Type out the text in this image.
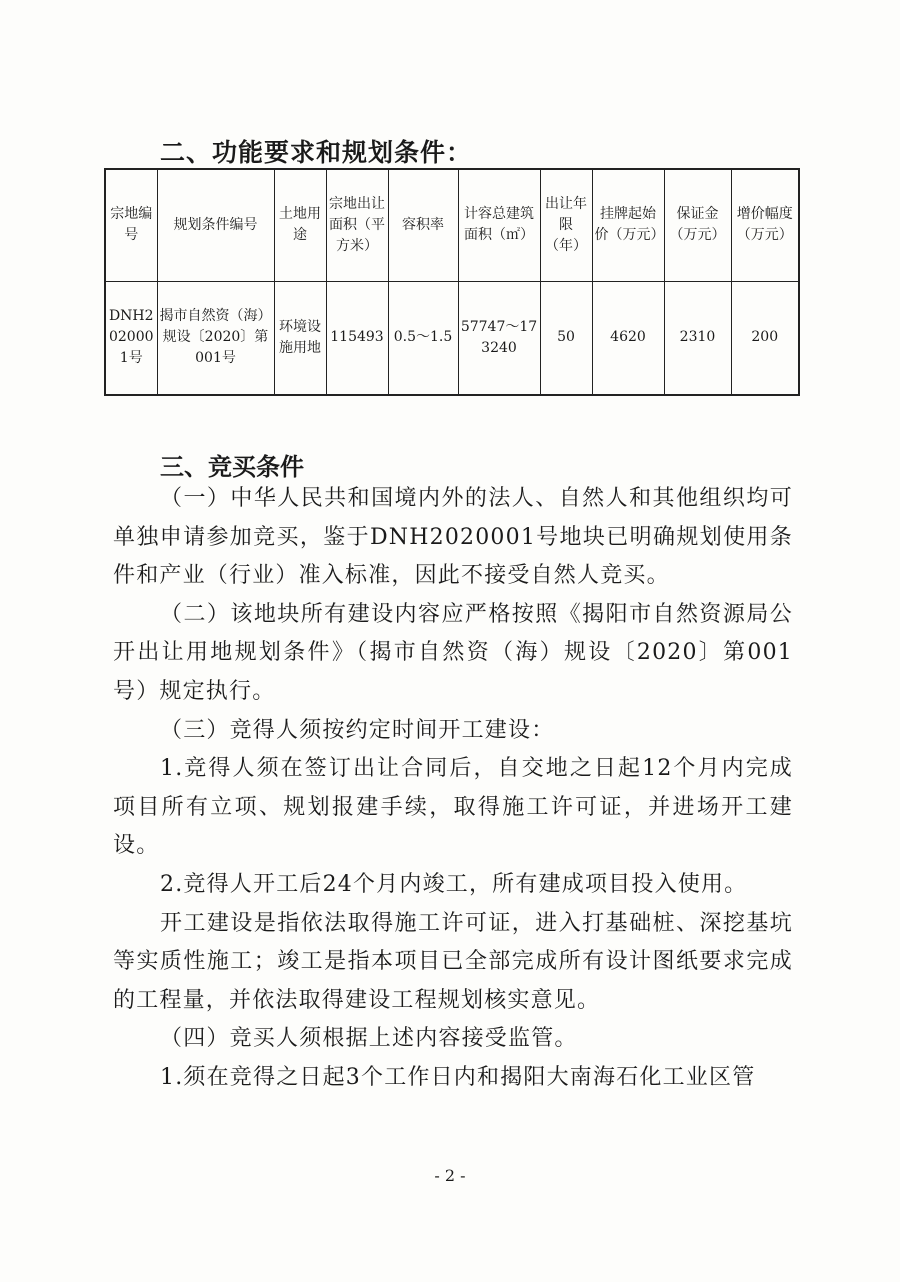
二、功能要求和规划条件：
宗地编号	规划条件编号	土地用途	宗地出让面积（平方米）	容积率	计容总建筑面积（㎡）	出让年限（年）	挂牌起始价（万元）	保证金（万元）	增价幅度（万元）
DNH2020001号	揭市自然资（海）规设〔2020〕第001号	环境设施用地	115493	0.5～1.5	57747～173240	50	4620	2310	200
三、竞买条件

（一）中华人民共和国境内外的法人、自然人和其他组织均可单独申请参加竞买，鉴于DNH2020001号地块已明确规划使用条件和产业（行业）准入标准，因此不接受自然人竞买。

（二）该地块所有建设内容应严格按照《揭阳市自然资源局公开出让用地规划条件》（揭市自然资（海）规设〔2020〕第001号）规定执行。

（三）竞得人须按约定时间开工建设：

1.竞得人须在签订出让合同后，自交地之日起12个月内完成项目所有立项、规划报建手续，取得施工许可证，并进场开工建设。

2.竞得人开工后24个月内竣工，所有建成项目投入使用。

开工建设是指依法取得施工许可证，进入打基础桩、深挖基坑等实质性施工；竣工是指本项目已全部完成所有设计图纸要求完成的工程量，并依法取得建设工程规划核实意见。

（四）竞买人须根据上述内容接受监管。

1.须在竞得之日起3个工作日内和揭阳大南海石化工业区管

- 2 -
